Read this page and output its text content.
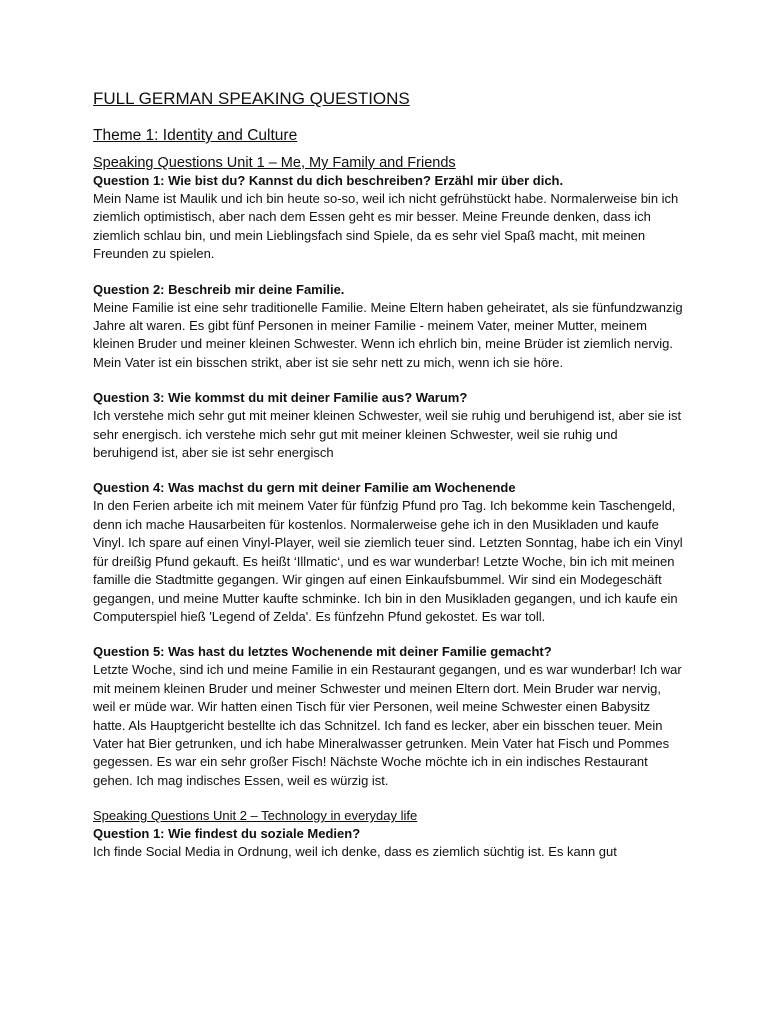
FULL GERMAN SPEAKING QUESTIONS
Theme 1: Identity and Culture
Speaking Questions Unit 1 – Me, My Family and Friends

Question 1: Wie bist du? Kannst du dich beschreiben? Erzähl mir über dich.

Mein Name ist Maulik und ich bin heute so-so, weil ich nicht gefrühstückt habe. Normalerweise bin ich ziemlich optimistisch, aber nach dem Essen geht es mir besser. Meine Freunde denken, dass ich ziemlich schlau bin, und mein Lieblingsfach sind Spiele, da es sehr viel Spaß macht, mit meinen Freunden zu spielen.

Question 2: Beschreib mir deine Familie.

Meine Familie ist eine sehr traditionelle Familie. Meine Eltern haben geheiratet, als sie fünfundzwanzig Jahre alt waren. Es gibt fünf Personen in meiner Familie - meinem Vater, meiner Mutter, meinem kleinen Bruder und meiner kleinen Schwester. Wenn ich ehrlich bin, meine Brüder ist ziemlich nervig. Mein Vater ist ein bisschen strikt, aber ist sie sehr nett zu mich, wenn ich sie höre.

Question 3: Wie kommst du mit deiner Familie aus? Warum?

Ich verstehe mich sehr gut mit meiner kleinen Schwester, weil sie ruhig und beruhigend ist, aber sie ist sehr energisch. ich verstehe mich sehr gut mit meiner kleinen Schwester, weil sie ruhig und beruhigend ist, aber sie ist sehr energisch

Question 4: Was machst du gern mit deiner Familie am Wochenende

In den Ferien arbeite ich mit meinem Vater für fünfzig Pfund pro Tag. Ich bekomme kein Taschengeld, denn ich mache Hausarbeiten für kostenlos. Normalerweise gehe ich in den Musikladen und kaufe Vinyl. Ich spare auf einen Vinyl-Player, weil sie ziemlich teuer sind. Letzten Sonntag, habe ich ein Vinyl für dreißig Pfund gekauft. Es heißt ‘Illmatic‘, und es war wunderbar! Letzte Woche, bin ich mit meinen famille die Stadtmitte gegangen. Wir gingen auf einen Einkaufsbummel. Wir sind ein Modegeschäft gegangen, und meine Mutter kaufte schminke. Ich bin in den Musikladen gegangen, und ich kaufe ein Computerspiel hieß 'Legend of Zelda'. Es fünfzehn Pfund gekostet. Es war toll.

Question 5: Was hast du letztes Wochenende mit deiner Familie gemacht?

Letzte Woche, sind ich und meine Familie in ein Restaurant gegangen, und es war wunderbar! Ich war mit meinem kleinen Bruder und meiner Schwester und meinen Eltern dort. Mein Bruder war nervig, weil er müde war. Wir hatten einen Tisch für vier Personen, weil meine Schwester einen Babysitz hatte. Als Hauptgericht bestellte ich das Schnitzel. Ich fand es lecker, aber ein bisschen teuer. Mein Vater hat Bier getrunken, und ich habe Mineralwasser getrunken. Mein Vater hat Fisch und Pommes gegessen. Es war ein sehr großer Fisch! Nächste Woche möchte ich in ein indisches Restaurant gehen. Ich mag indisches Essen, weil es würzig ist.

Speaking Questions Unit 2 – Technology in everyday life

Question 1: Wie findest du soziale Medien?

Ich finde Social Media in Ordnung, weil ich denke, dass es ziemlich süchtig ist. Es kann gut
